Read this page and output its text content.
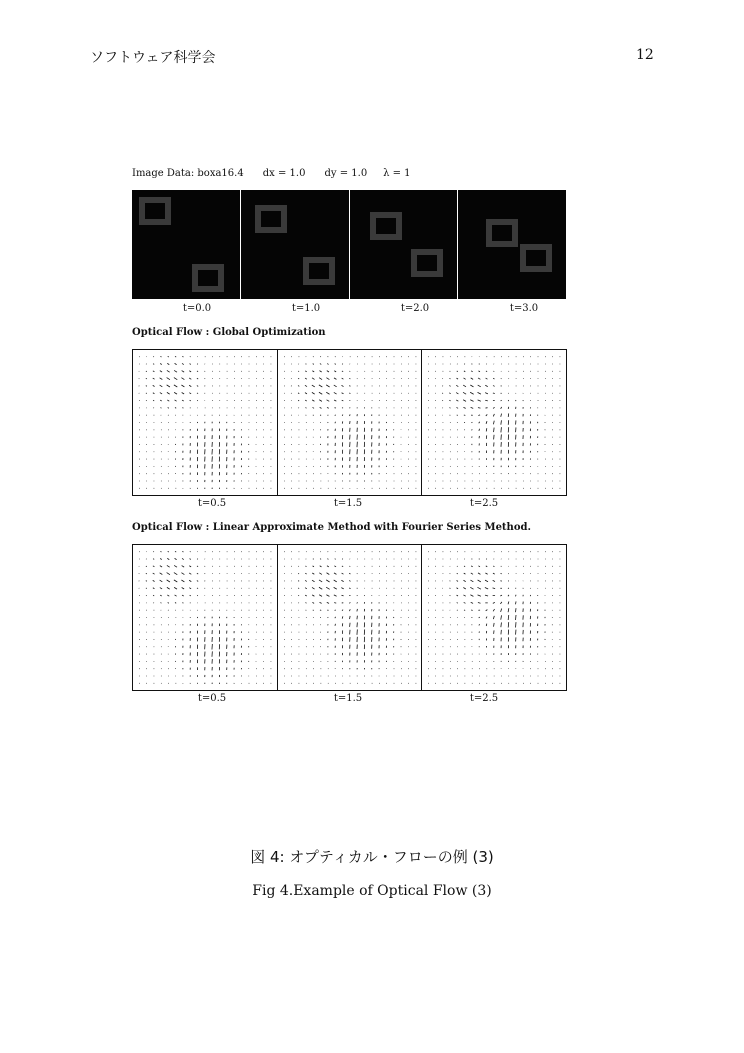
ソフトウェア科学会	12
Image Data: boxa16.4      dx = 1.0      dy = 1.0     λ = 1
t=0.0	t=1.0	t=2.0	t=3.0
Optical Flow : Global Optimization
t=0.5	t=1.5	t=2.5
Optical Flow : Linear Approximate Method with Fourier Series Method.
t=0.5	t=1.5	t=2.5
図 4: オプティカル・フローの例 (3)
Fig 4.Example of Optical Flow (3)
